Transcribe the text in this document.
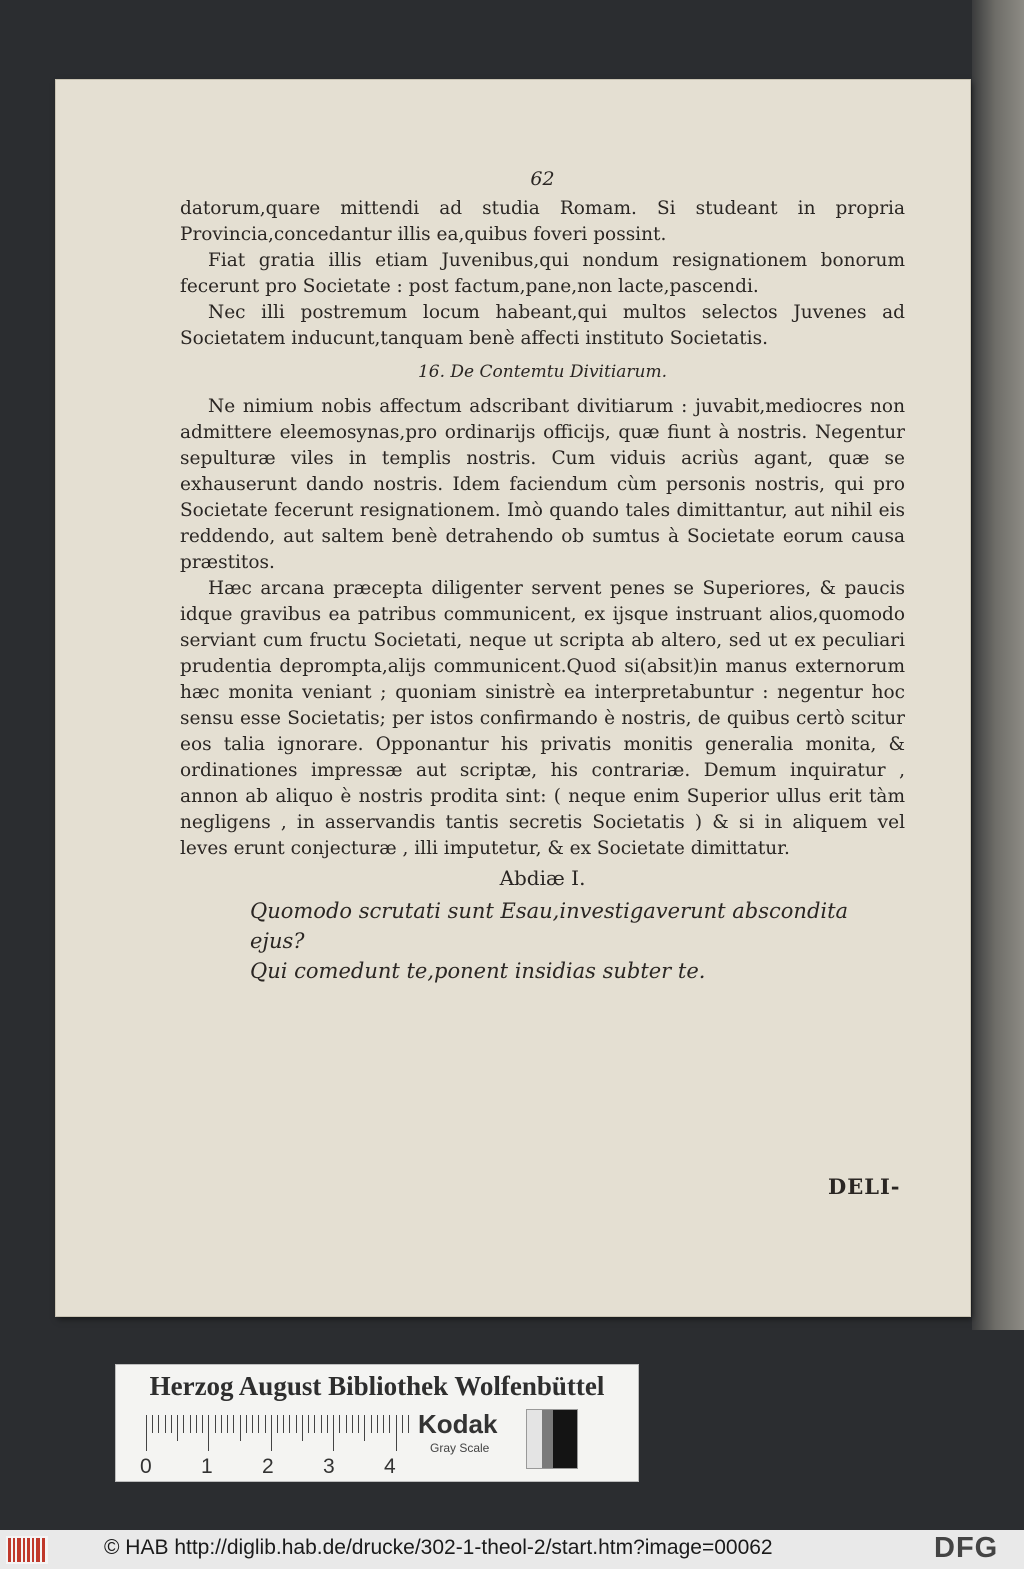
62

datorum,quare mittendi ad studia Romam. Si studeant in propria Provincia,concedantur illis ea,quibus foveri possint.

Fiat gratia illis etiam Juvenibus,qui nondum resignationem bonorum fecerunt pro Societate : post factum,pane,non lacte,pascendi.

Nec illi postremum locum habeant,qui multos selectos Juvenes ad Societatem inducunt,tanquam benè affecti instituto Societatis.

16. De Contemtu Divitiarum.

Ne nimium nobis affectum adscribant divitiarum : juvabit,mediocres non admittere eleemosynas,pro ordinarijs officijs, quæ fiunt à nostris. Negentur sepulturæ viles in templis nostris. Cum viduis acriùs agant, quæ se exhauserunt dando nostris. Idem faciendum cùm personis nostris, qui pro Societate fecerunt resignationem. Imò quando tales dimittantur, aut nihil eis reddendo, aut saltem benè detrahendo ob sumtus à Societate eorum causa præstitos.

Hæc arcana præcepta diligenter servent penes se Superiores, & paucis idque gravibus ea patribus communicent, ex ijsque instruant alios,quomodo serviant cum fructu Societati, neque ut scripta ab altero, sed ut ex peculiari prudentia deprompta,alijs communicent.Quod si(absit)in manus externorum hæc monita veniant ; quoniam sinistrè ea interpretabuntur : negentur hoc sensu esse Societatis; per istos confirmando è nostris, de quibus certò scitur eos talia ignorare. Opponantur his privatis monitis generalia monita, & ordinationes impressæ aut scriptæ, his contrariæ. Demum inquiratur , annon ab aliquo è nostris prodita sint: ( neque enim Superior ullus erit tàm negligens , in asservandis tantis secretis Societatis ) & si in aliquem vel leves erunt conjecturæ , illi imputetur, & ex Societate dimittatur.

Abdiæ I.
Quomodo scrutati sunt Esau,investigaverunt abscondita ejus?
Qui comedunt te,ponent insidias subter te.
DELI-
Herzog August Bibliothek Wolfenbüttel
0 1 2 3 4
Kodak
Gray Scale
© HAB http://diglib.hab.de/drucke/302-1-theol-2/start.htm?image=00062	DFG
